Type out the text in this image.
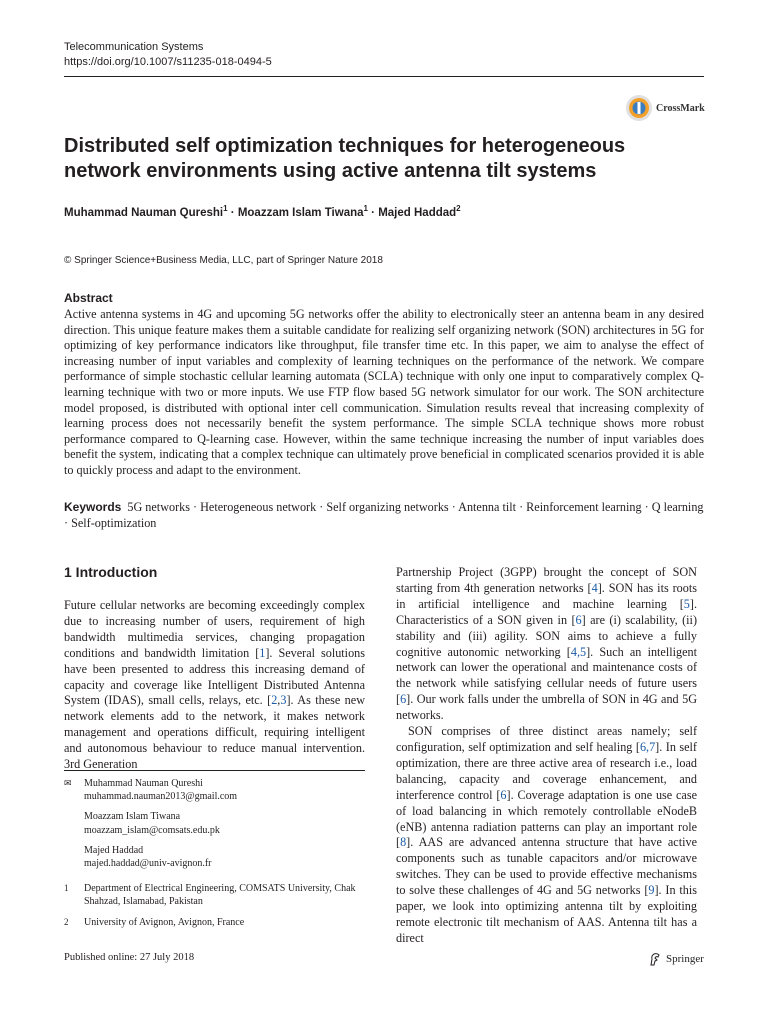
Telecommunication Systems
https://doi.org/10.1007/s11235-018-0494-5
CrossMark
Distributed self optimization techniques for heterogeneous network environments using active antenna tilt systems
Muhammad Nauman Qureshi$^1$ · Moazzam Islam Tiwana$^1$ · Majed Haddad$^2$
© Springer Science+Business Media, LLC, part of Springer Nature 2018
Abstract
Active antenna systems in 4G and upcoming 5G networks offer the ability to electronically steer an antenna beam in any desired direction. This unique feature makes them a suitable candidate for realizing self organizing network (SON) architectures in 5G for optimizing of key performance indicators like throughput, file transfer time etc. In this paper, we aim to analyse the effect of increasing number of input variables and complexity of learning techniques on the performance of the network. We compare performance of simple stochastic cellular learning automata (SCLA) technique with only one input to comparatively complex Q-learning technique with two or more inputs. We use FTP flow based 5G network simulator for our work. The SON architecture model proposed, is distributed with optional inter cell communication. Simulation results reveal that increasing complexity of learning process does not necessarily benefit the system performance. The simple SCLA technique shows more robust performance compared to Q-learning case. However, within the same technique increasing the number of input variables does benefit the system, indicating that a complex technique can ultimately prove beneficial in complicated scenarios provided it is able to quickly process and adapt to the environment.
Keywords 5G networks · Heterogeneous network · Self organizing networks · Antenna tilt · Reinforcement learning · Q learning · Self-optimization
1 Introduction

Future cellular networks are becoming exceedingly complex due to increasing number of users, requirement of high bandwidth multimedia services, changing propagation conditions and bandwidth limitation [1]. Several solutions have been presented to address this increasing demand of capacity and coverage like Intelligent Distributed Antenna System (IDAS), small cells, relays, etc. [2,3]. As these new network elements add to the network, it makes network management and operations difficult, requiring intelligent and autonomous behaviour to reduce manual intervention. 3rd Generation

Partnership Project (3GPP) brought the concept of SON starting from 4th generation networks [4]. SON has its roots in artificial intelligence and machine learning [5]. Characteristics of a SON given in [6] are (i) scalability, (ii) stability and (iii) agility. SON aims to achieve a fully cognitive autonomic networking [4,5]. Such an intelligent network can lower the operational and maintenance costs of the network while satisfying cellular needs of future users [6]. Our work falls under the umbrella of SON in 4G and 5G networks.

SON comprises of three distinct areas namely; self configuration, self optimization and self healing [6,7]. In self optimization, there are three active area of research i.e., load balancing, capacity and coverage enhancement, and interference control [6]. Coverage adaptation is one use case of load balancing in which remotely controllable eNodeB (eNB) antenna radiation patterns can play an important role [8]. AAS are advanced antenna structure that have active components such as tunable capacitors and/or microwave switches. They can be used to provide effective mechanisms to solve these challenges of 4G and 5G networks [9]. In this paper, we look into optimizing antenna tilt by exploiting remote electronic tilt mechanism of AAS. Antenna tilt has a direct

✉ Muhammad Nauman Qureshi
muhammad.nauman2013@gmail.com
Moazzam Islam Tiwana
moazzam_islam@comsats.edu.pk
Majed Haddad
majed.haddad@univ-avignon.fr
1 Department of Electrical Engineering, COMSATS University, Chak Shahzad, Islamabad, Pakistan
2 University of Avignon, Avignon, France
Published online: 27 July 2018	Springer
